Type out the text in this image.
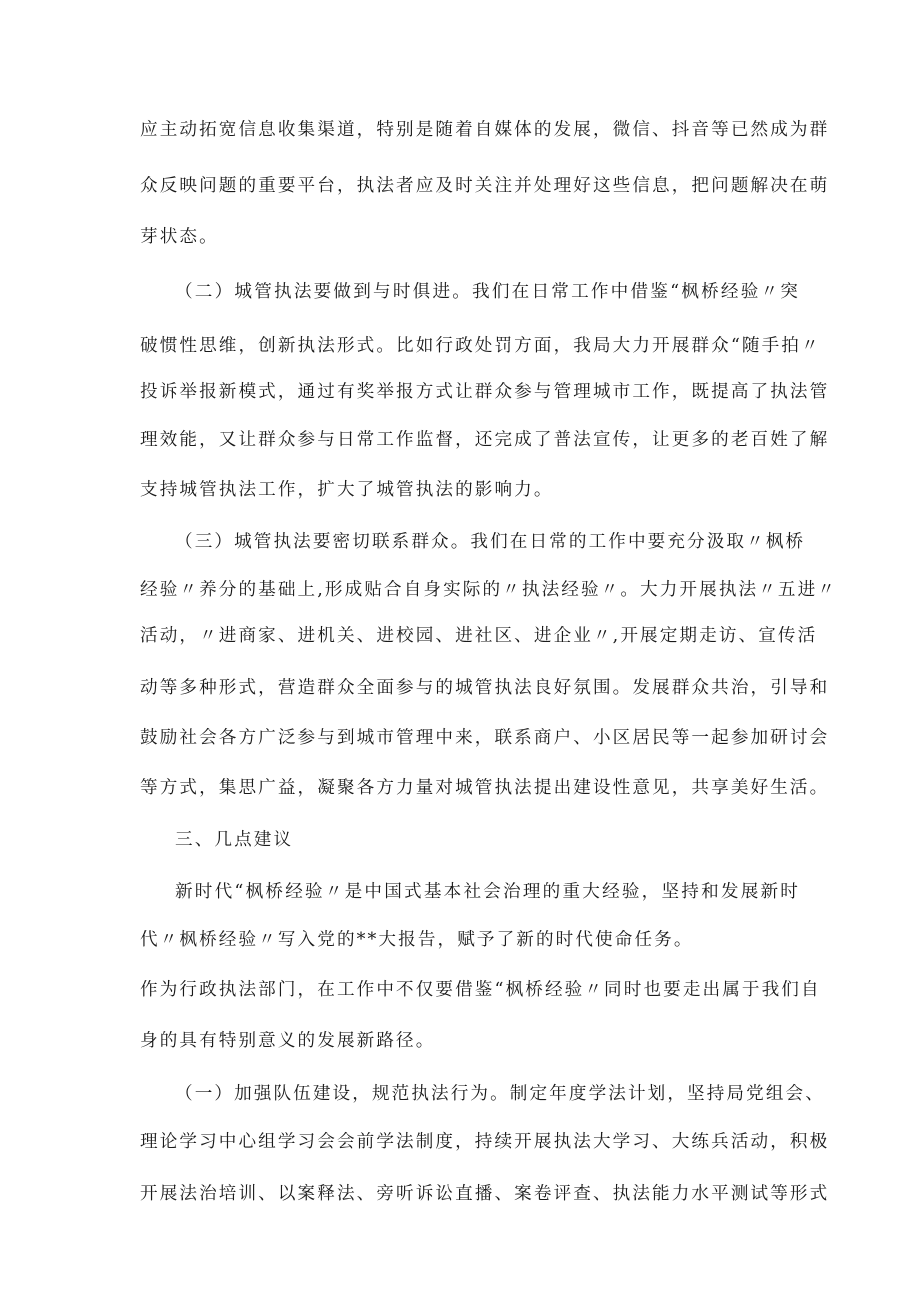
应主动拓宽信息收集渠道，特别是随着自媒体的发展，微信、抖音等已然成为群
众反映问题的重要平台，执法者应及时关注并处理好这些信息，把问题解决在萌
芽状态。
（二）城管执法要做到与时俱进。我们在日常工作中借鉴“枫桥经验〃突
破惯性思维，创新执法形式。比如行政处罚方面，我局大力开展群众“随手拍〃
投诉举报新模式，通过有奖举报方式让群众参与管理城市工作，既提高了执法管
理效能，又让群众参与日常工作监督，还完成了普法宣传，让更多的老百姓了解
支持城管执法工作，扩大了城管执法的影响力。
（三）城管执法要密切联系群众。我们在日常的工作中要充分汲取〃枫桥
经验〃养分的基础上,形成贴合自身实际的〃执法经验〃。大力开展执法〃五进〃
活动，〃进商家、进机关、进校园、进社区、进企业〃,开展定期走访、宣传活
动等多种形式，营造群众全面参与的城管执法良好氛围。发展群众共治，引导和
鼓励社会各方广泛参与到城市管理中来，联系商户、小区居民等一起参加研讨会
等方式，集思广益，凝聚各方力量对城管执法提出建设性意见，共享美好生活。
三、几点建议
新时代“枫桥经验〃是中国式基本社会治理的重大经验，坚持和发展新时
代〃枫桥经验〃写入党的**大报告，赋予了新的时代使命任务。
作为行政执法部门，在工作中不仅要借鉴“枫桥经验〃同时也要走出属于我们自
身的具有特别意义的发展新路径。
（一）加强队伍建设，规范执法行为。制定年度学法计划，坚持局党组会、
理论学习中心组学习会会前学法制度，持续开展执法大学习、大练兵活动，积极
开展法治培训、以案释法、旁听诉讼直播、案卷评查、执法能力水平测试等形式
